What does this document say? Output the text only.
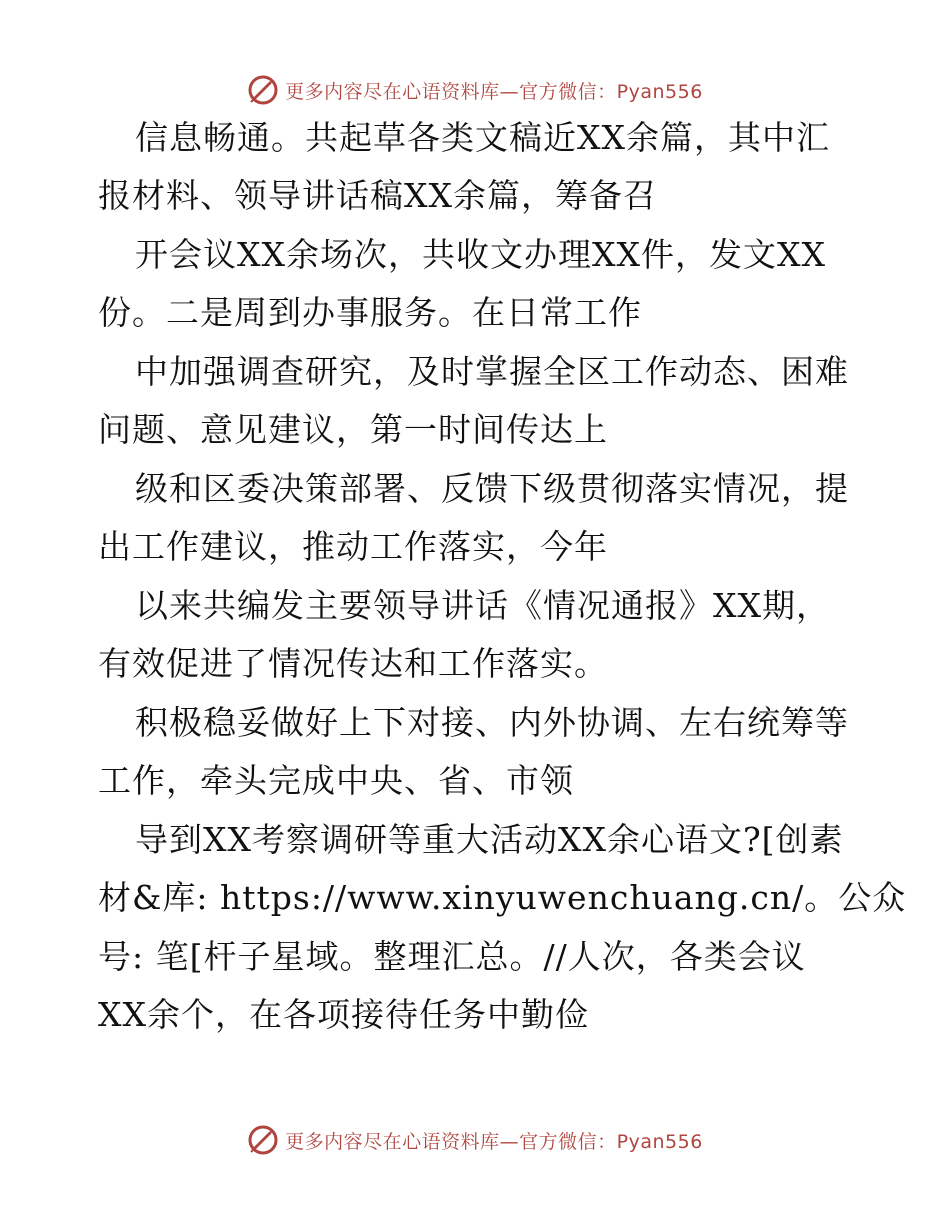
更多内容尽在心语资料库—官方微信：Pyan556
信息畅通。共起草各类文稿近XX余篇，其中汇
报材料、领导讲话稿XX余篇，筹备召
开会议XX余场次，共收文办理XX件，发文XX
份。二是周到办事服务。在日常工作
中加强调查研究，及时掌握全区工作动态、困难
问题、意见建议，第一时间传达上
级和区委决策部署、反馈下级贯彻落实情况，提
出工作建议，推动工作落实，今年
以来共编发主要领导讲话《情况通报》XX期，
有效促进了情况传达和工作落实。
积极稳妥做好上下对接、内外协调、左右统筹等
工作，牵头完成中央、省、市领
导到XX考察调研等重大活动XX余心语文?[创素
材&库: https://www.xinyuwenchuang.cn/。公众
号: 笔[杆子星域。整理汇总。//人次，各类会议
XX余个，在各项接待任务中勤俭
更多内容尽在心语资料库—官方微信：Pyan556
